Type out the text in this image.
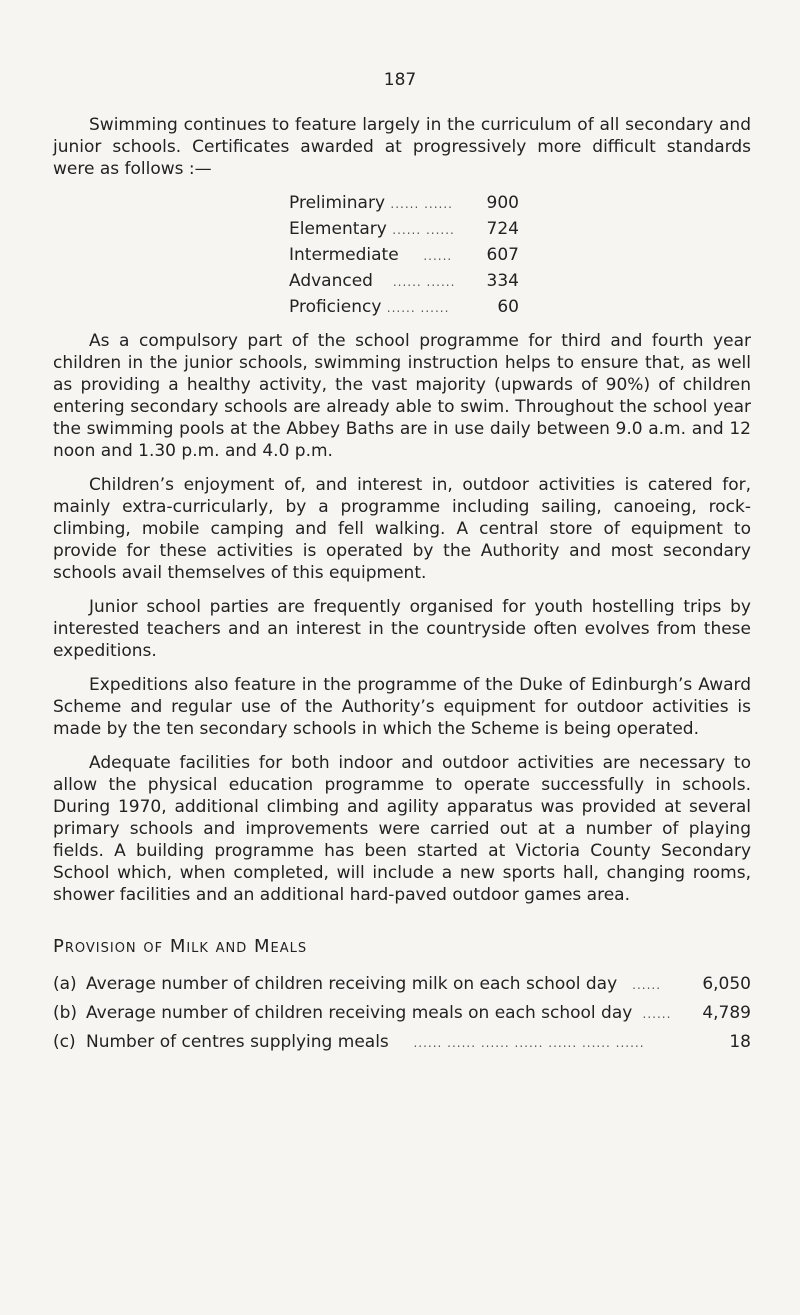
187

Swimming continues to feature largely in the curriculum of all secondary and junior schools. Certificates awarded at progressively more difficult standards were as follows :—

Preliminary ...... ......	900
Elementary ...... ......	724
Intermediate     ......	607
Advanced    ...... ......	334
Proficiency ...... ......	60

As a compulsory part of the school programme for third and fourth year children in the junior schools, swimming instruction helps to ensure that, as well as providing a healthy activity, the vast majority (upwards of 90%) of children entering secondary schools are already able to swim. Throughout the school year the swimming pools at the Abbey Baths are in use daily between 9.0 a.m. and 12 noon and 1.30 p.m. and 4.0 p.m.

Children’s enjoyment of, and interest in, outdoor activities is catered for, mainly extra-curricularly, by a programme including sailing, canoeing, rock-climbing, mobile camping and fell walking. A central store of equipment to provide for these activities is operated by the Authority and most secondary schools avail themselves of this equipment.

Junior school parties are frequently organised for youth hostelling trips by interested teachers and an interest in the countryside often evolves from these expeditions.

Expeditions also feature in the programme of the Duke of Edinburgh’s Award Scheme and regular use of the Authority’s equipment for outdoor activities is made by the ten secondary schools in which the Scheme is being operated.

Adequate facilities for both indoor and outdoor activities are necessary to allow the physical education programme to operate successfully in schools. During 1970, additional climbing and agility apparatus was provided at several primary schools and improvements were carried out at a number of playing fields. A building programme has been started at Victoria County Secondary School which, when completed, will include a new sports hall, changing rooms, shower facilities and an additional hard-paved outdoor games area.

Provision of Milk and Meals
(a) Average number of children receiving milk on each school day   ......	6,050
(b) Average number of children receiving meals on each school day  ......	4,789
(c) Number of centres supplying meals     ...... ...... ...... ...... ...... ...... ......	18
